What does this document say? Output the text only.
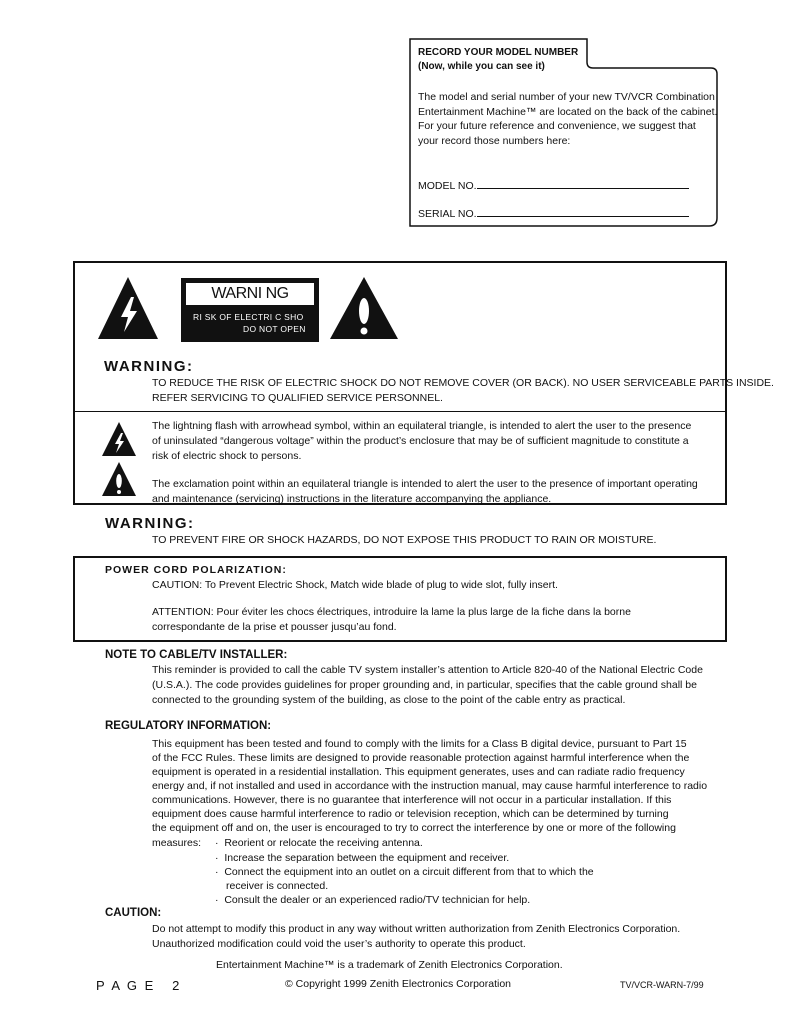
RECORD YOUR MODEL NUMBER
(Now, while you can see it)
The model and serial number of your new TV/VCR Combination
Entertainment Machine™ are located on the back of the cabinet.
For your future reference and convenience, we suggest that
your record those numbers here:
MODEL NO.
SERIAL NO.
WARNI NG
RI SK OF ELECTRI C SHO
DO NOT OPEN
WARNING:
TO REDUCE THE RISK OF ELECTRIC SHOCK DO NOT REMOVE COVER (OR BACK). NO USER SERVICEABLE PARTS INSIDE.
REFER SERVICING TO QUALIFIED SERVICE PERSONNEL.
The lightning flash with arrowhead symbol, within an equilateral triangle, is intended to alert the user to the presence
of uninsulated “dangerous voltage” within the product’s enclosure that may be of sufficient magnitude to constitute a
risk of electric shock to persons.
The exclamation point within an equilateral triangle is intended to alert the user to the presence of important operating
and maintenance (servicing) instructions in the literature accompanying the appliance.
WARNING:
TO PREVENT FIRE OR SHOCK HAZARDS, DO NOT EXPOSE THIS PRODUCT TO RAIN OR MOISTURE.
POWER CORD POLARIZATION:
CAUTION: To Prevent Electric Shock, Match wide blade of plug to wide slot, fully insert.
ATTENTION: Pour éviter les chocs électriques, introduire la lame la plus large de la fiche dans la borne
correspondante de la prise et pousser jusqu’au fond.
NOTE TO CABLE/TV INSTALLER:
This reminder is provided to call the cable TV system installer’s attention to Article 820-40 of the National Electric Code
(U.S.A.). The code provides guidelines for proper grounding and, in particular, specifies that the cable ground shall be
connected to the grounding system of the building, as close to the point of the cable entry as practical.
REGULATORY INFORMATION:
This equipment has been tested and found to comply with the limits for a Class B digital device, pursuant to Part 15
of the FCC Rules. These limits are designed to provide reasonable protection against harmful interference when the
equipment is operated in a residential installation. This equipment generates, uses and can radiate radio frequency
energy and, if not installed and used in accordance with the instruction manual, may cause harmful interference to radio
communications. However, there is no guarantee that interference will not occur in a particular installation. If this
equipment does cause harmful interference to radio or television reception, which can be determined by turning
the equipment off and on, the user is encouraged to try to correct the interference by one or more of the following
measures: ·  Reorient or relocate the receiving antenna.
·  Increase the separation between the equipment and receiver.
·  Connect the equipment into an outlet on a circuit different from that to which the
receiver is connected.
·  Consult the dealer or an experienced radio/TV technician for help.
CAUTION:
Do not attempt to modify this product in any way without written authorization from Zenith Electronics Corporation.
Unauthorized modification could void the user’s authority to operate this product.
Entertainment Machine™ is a trademark of Zenith Electronics Corporation.
P A G E   2	© Copyright 1999 Zenith Electronics Corporation	TV/VCR-WARN-7/99
